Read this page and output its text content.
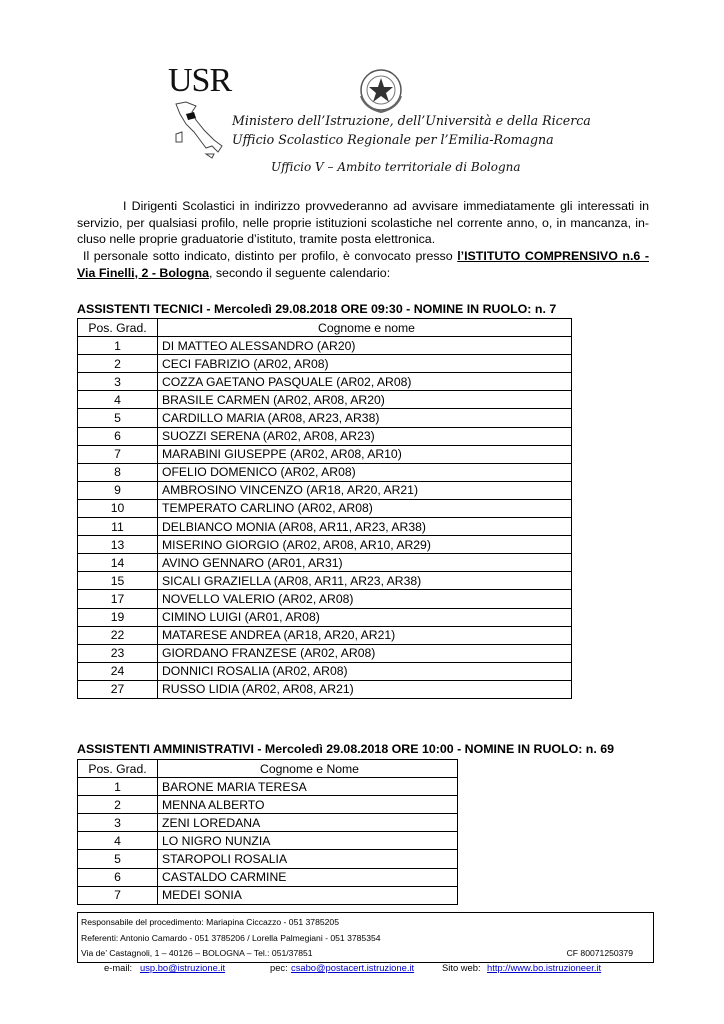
USR
Ministero dell’Istruzione, dell’Università e della Ricerca
Ufficio Scolastico Regionale per l’Emilia-Romagna
Ufficio V – Ambito territoriale di Bologna

I Dirigenti Scolastici in indirizzo provvederanno ad avvisare immediatamente gli interessati in servizio, per qualsiasi profilo, nelle proprie istituzioni scolastiche nel corrente anno, o, in mancanza, in-cluso nelle proprie graduatorie d’istituto, tramite posta elettronica.

Il personale sotto indicato, distinto per profilo, è convocato presso l’ISTITUTO COMPRENSIVO n.6 - Via Finelli, 2 - Bologna, secondo il seguente calendario:

ASSISTENTI TECNICI - Mercoledì 29.08.2018 ORE 09:30 - NOMINE IN RUOLO: n. 7
Pos. Grad.	Cognome e nome
1	DI MATTEO ALESSANDRO (AR20)
2	CECI FABRIZIO (AR02, AR08)
3	COZZA GAETANO PASQUALE (AR02, AR08)
4	BRASILE CARMEN (AR02, AR08, AR20)
5	CARDILLO MARIA (AR08, AR23, AR38)
6	SUOZZI SERENA (AR02, AR08, AR23)
7	MARABINI GIUSEPPE (AR02, AR08, AR10)
8	OFELIO DOMENICO (AR02, AR08)
9	AMBROSINO VINCENZO (AR18, AR20, AR21)
10	TEMPERATO CARLINO (AR02, AR08)
11	DELBIANCO MONIA (AR08, AR11, AR23, AR38)
13	MISERINO GIORGIO (AR02, AR08, AR10, AR29)
14	AVINO GENNARO (AR01, AR31)
15	SICALI GRAZIELLA (AR08, AR11, AR23, AR38)
17	NOVELLO VALERIO (AR02, AR08)
19	CIMINO LUIGI (AR01, AR08)
22	MATARESE ANDREA (AR18, AR20, AR21)
23	GIORDANO FRANZESE (AR02, AR08)
24	DONNICI ROSALIA (AR02, AR08)
27	RUSSO LIDIA (AR02, AR08, AR21)
ASSISTENTI AMMINISTRATIVI - Mercoledì 29.08.2018 ORE 10:00 - NOMINE IN RUOLO: n. 69
Pos. Grad.	Cognome e Nome
1	BARONE MARIA TERESA
2	MENNA ALBERTO
3	ZENI LOREDANA
4	LO NIGRO NUNZIA
5	STAROPOLI ROSALIA
6	CASTALDO CARMINE
7	MEDEI SONIA
Responsabile del procedimento: Mariapina Ciccazzo - 051 3785205
Referenti: Antonio Camardo - 051 3785206 / Lorella Palmegiani - 051 3785354
Via de’ Castagnoli, 1 – 40126 – BOLOGNA – Tel.: 051/37851	CF 80071250379
e-mail: usp.bo@istruzione.it	pec: csabo@postacert.istruzione.it	Sito web: http://www.bo.istruzioneer.it
